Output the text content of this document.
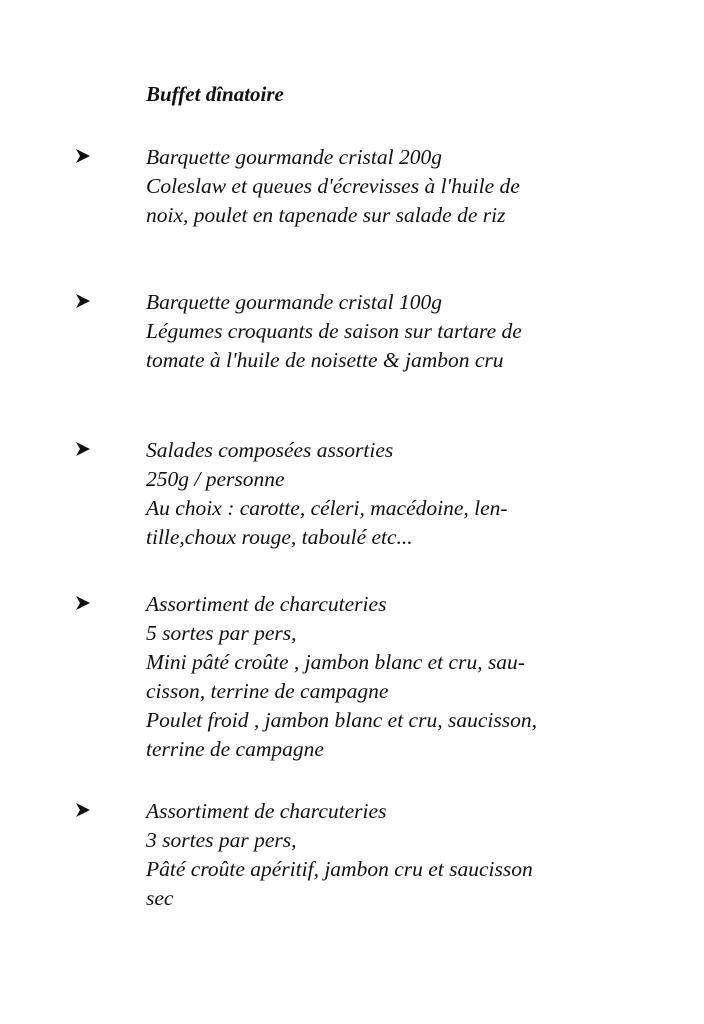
Buffet dînatoire
Barquette gourmande cristal 200g
Coleslaw et queues d'écrevisses à l'huile de
noix, poulet en tapenade sur salade de riz
Barquette gourmande cristal 100g
Légumes croquants de saison sur tartare de
tomate à l'huile de noisette & jambon cru
Salades composées assorties
250g / personne
Au choix : carotte, céleri, macédoine, len-
tille,choux rouge, taboulé etc...
Assortiment de charcuteries
5 sortes par pers,
Mini pâté croûte , jambon blanc et cru, sau-
cisson, terrine de campagne
Poulet froid , jambon blanc et cru, saucisson,
terrine de campagne
Assortiment de charcuteries
3 sortes par pers,
Pâté croûte apéritif, jambon cru et saucisson
sec
